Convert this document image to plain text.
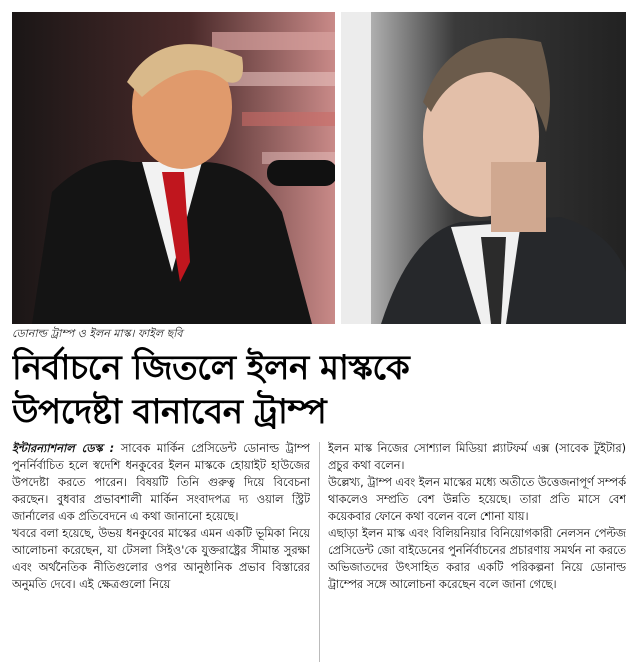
ডোনাল্ড ট্রাম্প ও ইলন মাস্ক। ফাইল ছবি
নির্বাচনে জিতলে ইলন মাস্ককে
উপদেষ্টা বানাবেন ট্রাম্প

ইন্টারন্যাশনাল ডেস্ক : সাবেক মার্কিন প্রেসিডেন্ট ডোনাল্ড ট্রাম্প পুনর্নির্বাচিত হলে স্বদেশি ধনকুবের ইলন মাস্ককে হোয়াইট হাউজের উপদেষ্টা করতে পারেন। বিষয়টি তিনি গুরুত্ব দিয়ে বিবেচনা করছেন। বুধবার প্রভাবশালী মার্কিন সংবাদপত্র দ্য ওয়াল স্ট্রিট জার্নালের এক প্রতিবেদনে এ কথা জানানো হয়েছে।

খবরে বলা হয়েছে, উভয় ধনকুবের মাস্কের এমন একটি ভূমিকা নিয়ে আলোচনা করেছেন, যা টেসলা সিইও'কে যুক্তরাষ্ট্রের সীমান্ত সুরক্ষা এবং অর্থনৈতিক নীতিগুলোর ওপর আনুষ্ঠানিক প্রভাব বিস্তারের অনুমতি দেবে। এই ক্ষেত্রগুলো নিয়ে

ইলন মাস্ক নিজের সোশ্যাল মিডিয়া প্ল্যাটফর্ম এক্স (সাবেক টুইটার) প্রচুর কথা বলেন।

উল্লেখ্য, ট্রাম্প এবং ইলন মাস্কের মধ্যে অতীতে উত্তেজনাপূর্ণ সম্পর্ক থাকলেও সম্প্রতি বেশ উন্নতি হয়েছে। তারা প্রতি মাসে বেশ কয়েকবার ফোনে কথা বলেন বলে শোনা যায়।

এছাড়া ইলন মাস্ক এবং বিলিয়নিয়ার বিনিয়োগকারী নেলসন পেল্টজ প্রেসিডেন্ট জো বাইডেনের পুনর্নির্বাচনের প্রচারণায় সমর্থন না করতে অভিজাতদের উৎসাহিত করার একটি পরিকল্পনা নিয়ে ডোনাল্ড ট্রাম্পের সঙ্গে আলোচনা করেছেন বলে জানা গেছে।
